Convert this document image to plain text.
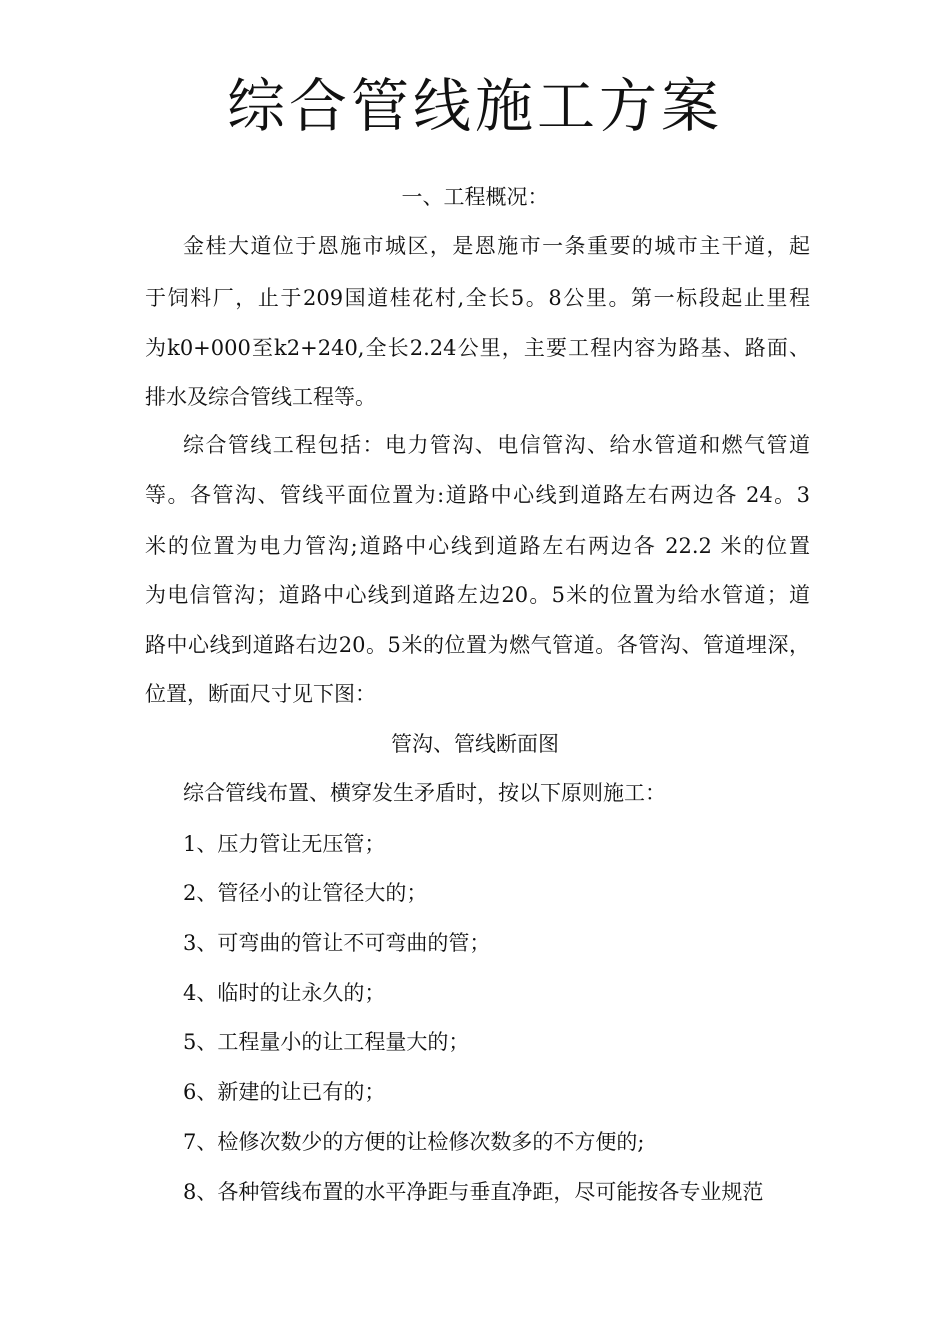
综合管线施工方案

一、工程概况：

金桂大道位于恩施市城区，是恩施市一条重要的城市主干道，起

于饲料厂，止于209国道桂花村,全长5。8公里。第一标段起止里程

为k0+000至k2+240,全长2.24公里，主要工程内容为路基、路面、

排水及综合管线工程等。

综合管线工程包括：电力管沟、电信管沟、给水管道和燃气管道

等。各管沟、管线平面位置为:道路中心线到道路左右两边各 24。3

米的位置为电力管沟;道路中心线到道路左右两边各 22.2 米的位置

为电信管沟；道路中心线到道路左边20。5米的位置为给水管道；道

路中心线到道路右边20。5米的位置为燃气管道。各管沟、管道埋深，

位置，断面尺寸见下图：

管沟、管线断面图

综合管线布置、横穿发生矛盾时，按以下原则施工：

1、压力管让无压管；

2、管径小的让管径大的；

3、可弯曲的管让不可弯曲的管；

4、临时的让永久的；

5、工程量小的让工程量大的；

6、新建的让已有的；

7、检修次数少的方便的让检修次数多的不方便的;

8、各种管线布置的水平净距与垂直净距，尽可能按各专业规范
